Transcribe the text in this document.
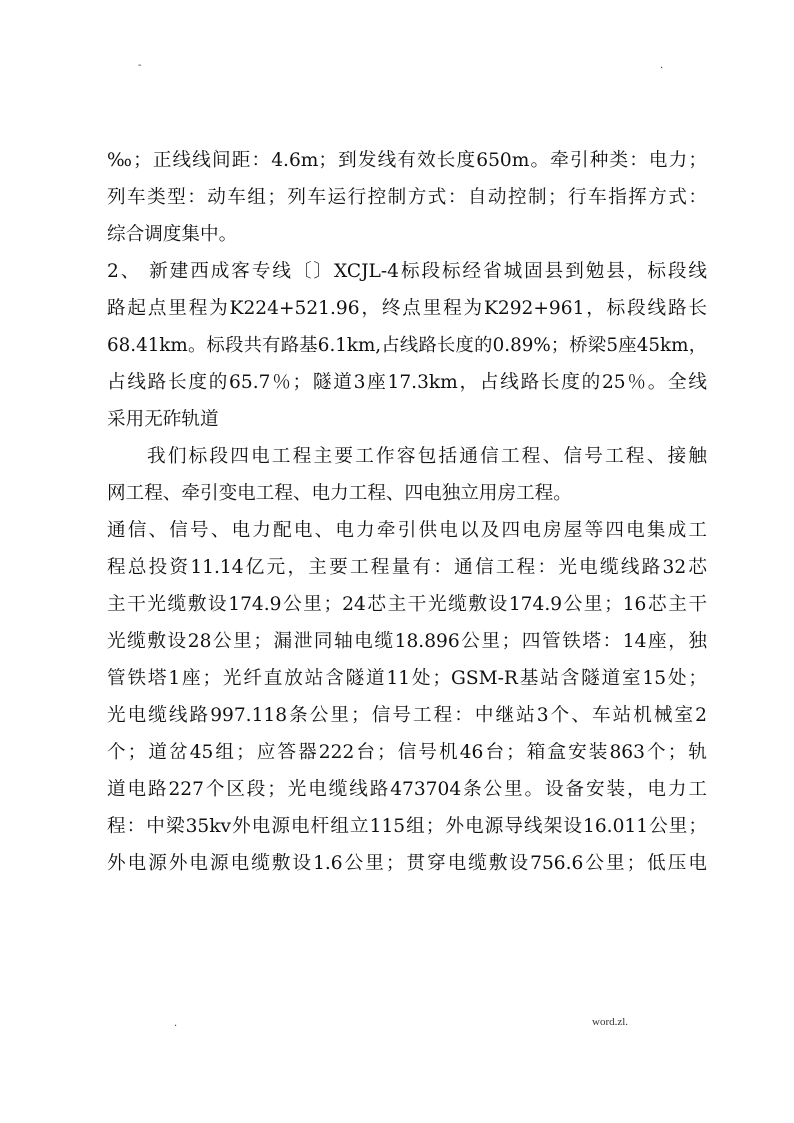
-	.
‰；正线线间距：4.6m；到发线有效长度650m。牵引种类：电力；
列车类型：动车组；列车运行控制方式：自动控制；行车指挥方式：
综合调度集中。
2、 新建西成客专线〔〕XCJL-4标段标经省城固县到勉县，标段线
路起点里程为K224+521.96，终点里程为K292+961，标段线路长
68.41km。标段共有路基6.1km,占线路长度的0.89%；桥梁5座45km，
占线路长度的65.7％；隧道3座17.3km，占线路长度的25％。全线
采用无砟轨道
我们标段四电工程主要工作容包括通信工程、信号工程、接触
网工程、牵引变电工程、电力工程、四电独立用房工程。
通信、信号、电力配电、电力牵引供电以及四电房屋等四电集成工
程总投资11.14亿元，主要工程量有：通信工程：光电缆线路32芯
主干光缆敷设174.9公里；24芯主干光缆敷设174.9公里；16芯主干
光缆敷设28公里；漏泄同轴电缆18.896公里；四管铁塔：14座，独
管铁塔1座；光纤直放站含隧道11处；GSM-R基站含隧道室15处；
光电缆线路997.118条公里；信号工程：中继站3个、车站机械室2
个；道岔45组；应答器222台；信号机46台；箱盒安装863个；轨
道电路227个区段；光电缆线路473704条公里。设备安装，电力工
程：中梁35kv外电源电杆组立115组；外电源导线架设16.011公里；
外电源外电源电缆敷设1.6公里；贯穿电缆敷设756.6公里；低压电
.	word.zl.
